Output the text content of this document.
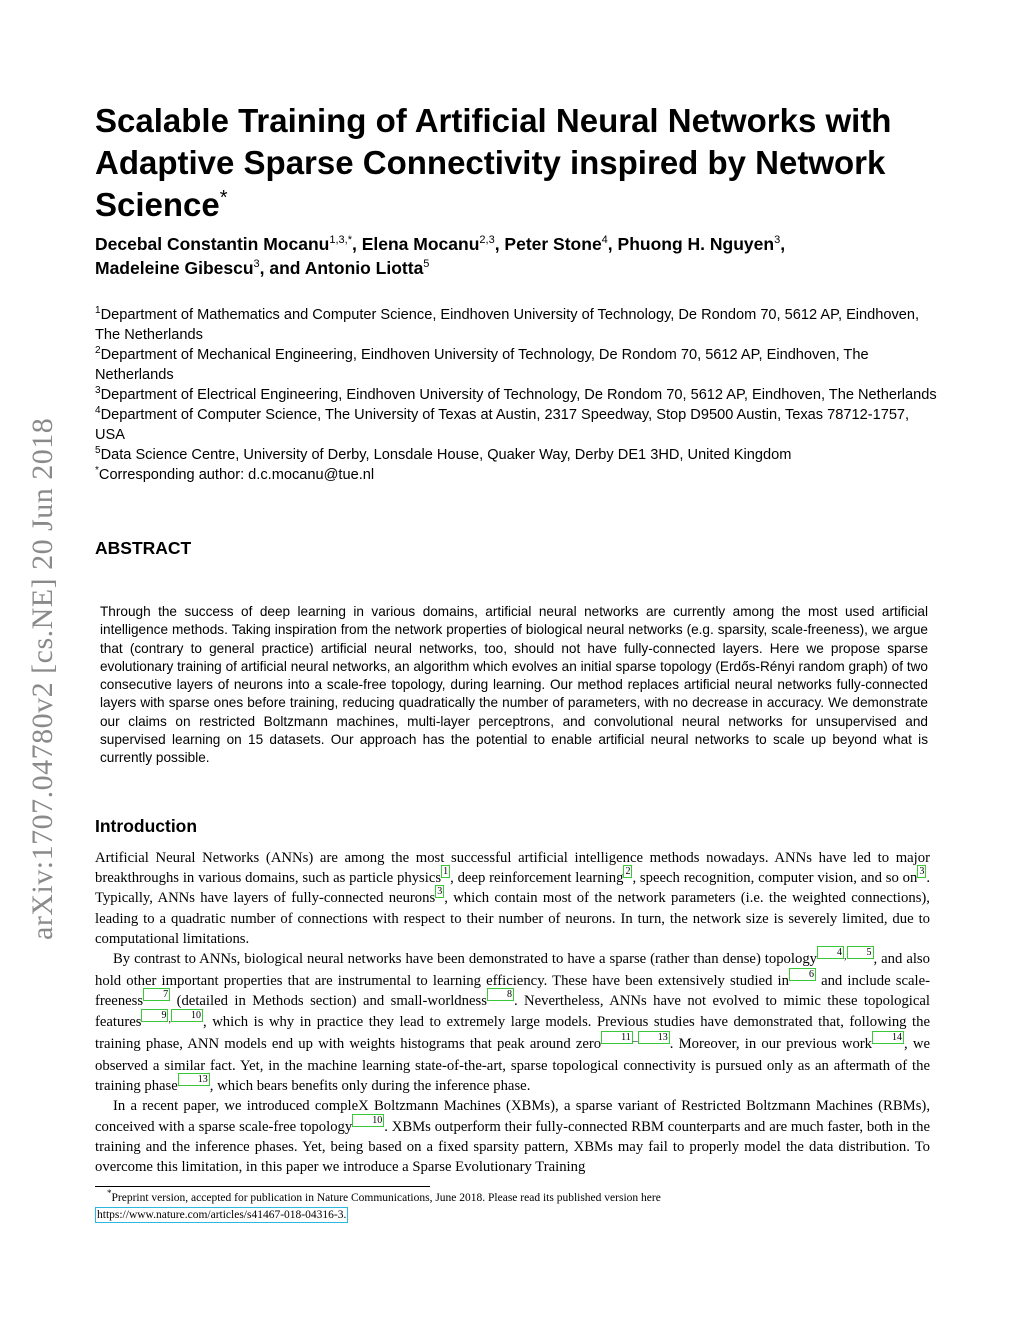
arXiv:1707.04780v2 [cs.NE] 20 Jun 2018
Scalable Training of Artificial Neural Networks with
Adaptive Sparse Connectivity inspired by Network
Science*
Decebal Constantin Mocanu$^{1,3,*}$, Elena Mocanu$^{2,3}$, Peter Stone$^4$, Phuong H. Nguyen$^3$,
Madeleine Gibescu$^3$, and Antonio Liotta$^5$
$^1$Department of Mathematics and Computer Science, Eindhoven University of Technology, De Rondom 70, 5612 AP, Eindhoven, The Netherlands
$^2$Department of Mechanical Engineering, Eindhoven University of Technology, De Rondom 70, 5612 AP, Eindhoven, The Netherlands
$^3$Department of Electrical Engineering, Eindhoven University of Technology, De Rondom 70, 5612 AP, Eindhoven, The Netherlands
$^4$Department of Computer Science, The University of Texas at Austin, 2317 Speedway, Stop D9500 Austin, Texas 78712-1757, USA
$^5$Data Science Centre, University of Derby, Lonsdale House, Quaker Way, Derby DE1 3HD, United Kingdom
*Corresponding author: d.c.mocanu@tue.nl
ABSTRACT

Through the success of deep learning in various domains, artificial neural networks are currently among the most used artificial intelligence methods. Taking inspiration from the network properties of biological neural networks (e.g. sparsity, scale-freeness), we argue that (contrary to general practice) artificial neural networks, too, should not have fully-connected layers. Here we propose sparse evolutionary training of artificial neural networks, an algorithm which evolves an initial sparse topology (Erdős-Rényi random graph) of two consecutive layers of neurons into a scale-free topology, during learning. Our method replaces artificial neural networks fully-connected layers with sparse ones before training, reducing quadratically the number of parameters, with no decrease in accuracy. We demonstrate our claims on restricted Boltzmann machines, multi-layer perceptrons, and convolutional neural networks for unsupervised and supervised learning on 15 datasets. Our approach has the potential to enable artificial neural networks to scale up beyond what is currently possible.

Introduction

Artificial Neural Networks (ANNs) are among the most successful artificial intelligence methods nowadays. ANNs have led to major breakthroughs in various domains, such as particle physics 1 , deep reinforcement learning 2 , speech recognition, computer vision, and so on 3 . Typically, ANNs have layers of fully-connected neurons 3 , which contain most of the network parameters (i.e. the weighted connections), leading to a quadratic number of connections with respect to their number of neurons. In turn, the network size is severely limited, due to computational limitations.

By contrast to ANNs, biological neural networks have been demonstrated to have a sparse (rather than dense) topology 4 , 5 , and also hold other important properties that are instrumental to learning efficiency. These have been extensively studied in 6 and include scale-freeness 7 (detailed in Methods section) and small-worldness 8 . Nevertheless, ANNs have not evolved to mimic these topological features 9 , 10 , which is why in practice they lead to extremely large models. Previous studies have demonstrated that, following the training phase, ANN models end up with weights histograms that peak around zero 11 – 13 . Moreover, in our previous work 14 , we observed a similar fact. Yet, in the machine learning state-of-the-art, sparse topological connectivity is pursued only as an aftermath of the training phase 13 , which bears benefits only during the inference phase.

In a recent paper, we introduced compleX Boltzmann Machines (XBMs), a sparse variant of Restricted Boltzmann Machines (RBMs), conceived with a sparse scale-free topology 10 . XBMs outperform their fully-connected RBM counterparts and are much faster, both in the training and the inference phases. Yet, being based on a fixed sparsity pattern, XBMs may fail to properly model the data distribution. To overcome this limitation, in this paper we introduce a Sparse Evolutionary Training

*Preprint version, accepted for publication in Nature Communications, June 2018. Please read its published version here
https://www.nature.com/articles/s41467-018-04316-3.
